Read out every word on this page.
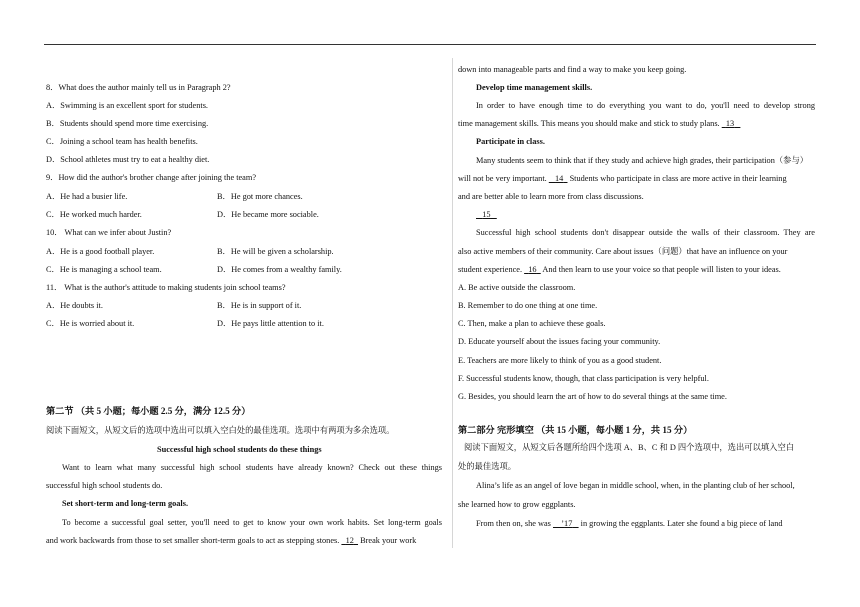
8．What does the author mainly tell us in Paragraph 2?
A．Swimming is an excellent sport for students.
B．Students should spend more time exercising.
C．Joining a school team has health benefits.
D．School athletes must try to eat a healthy diet.
9．How did the author's brother change after joining the team?
A．He had a busier life.	B．He got more chances.
C．He worked much harder.	D．He became more sociable.
10． What can we infer about Justin?
A．He is a good football player.	B．He will be given a scholarship.
C．He is managing a school team.	D．He comes from a wealthy family.
11． What is the author's attitude to making students join school teams?
A．He doubts it.	B．He is in support of it.
C．He is worried about it.	D．He pays little attention to it.
第二节 （共 5 小题；每小题 2.5 分，满分 12.5 分）
阅读下面短文，从短文后的选项中选出可以填入空白处的最佳选项。选项中有两项为多余选项。
Successful high school students do these things
Want to learn what many successful high school students have already known? Check out these things
successful high school students do.
Set short-term and long-term goals.
To become a successful goal setter, you'll need to get to know your own work habits. Set long-term goals
and work backwards from those to set smaller short-term goals to act as stepping stones. 12 Break your work
down into manageable parts and find a way to make you keep going.
Develop time management skills.
In order to have enough time to do everything you want to do, you'll need to develop strong
time management skills. This means you should make and stick to study plans. 13
Participate in class.
Many students seem to think that if they study and achieve high grades, their participation（参与）
will not be very important. 14 Students who participate in class are more active in their learning
and are better able to learn more from class discussions.
15
Successful high school students don't disappear outside the walls of their classroom. They are
also active members of their community. Care about issues（问题）that have an influence on your
student experience. 16 And then learn to use your voice so that people will listen to your ideas.
A. Be active outside the classroom.
B. Remember to do one thing at one time.
C. Then, make a plan to achieve these goals.
D. Educate yourself about the issues facing your community.
E. Teachers are more likely to think of you as a good student.
F. Successful students know, though, that class participation is very helpful.
G. Besides, you should learn the art of how to do several things at the same time.
第二部分 完形填空 （共 15 小题，每小题 1 分，共 15 分）
阅读下面短文，从短文后各题所给四个选项 A、B、C 和 D 四个选项中，选出可以填入空白
处的最佳选项。
Alina’s life as an angel of love began in middle school, when, in the planting club of her school,
she learned how to grow eggplants.
From then on, she was     ’17 in growing the eggplants. Later she found a big piece of land
